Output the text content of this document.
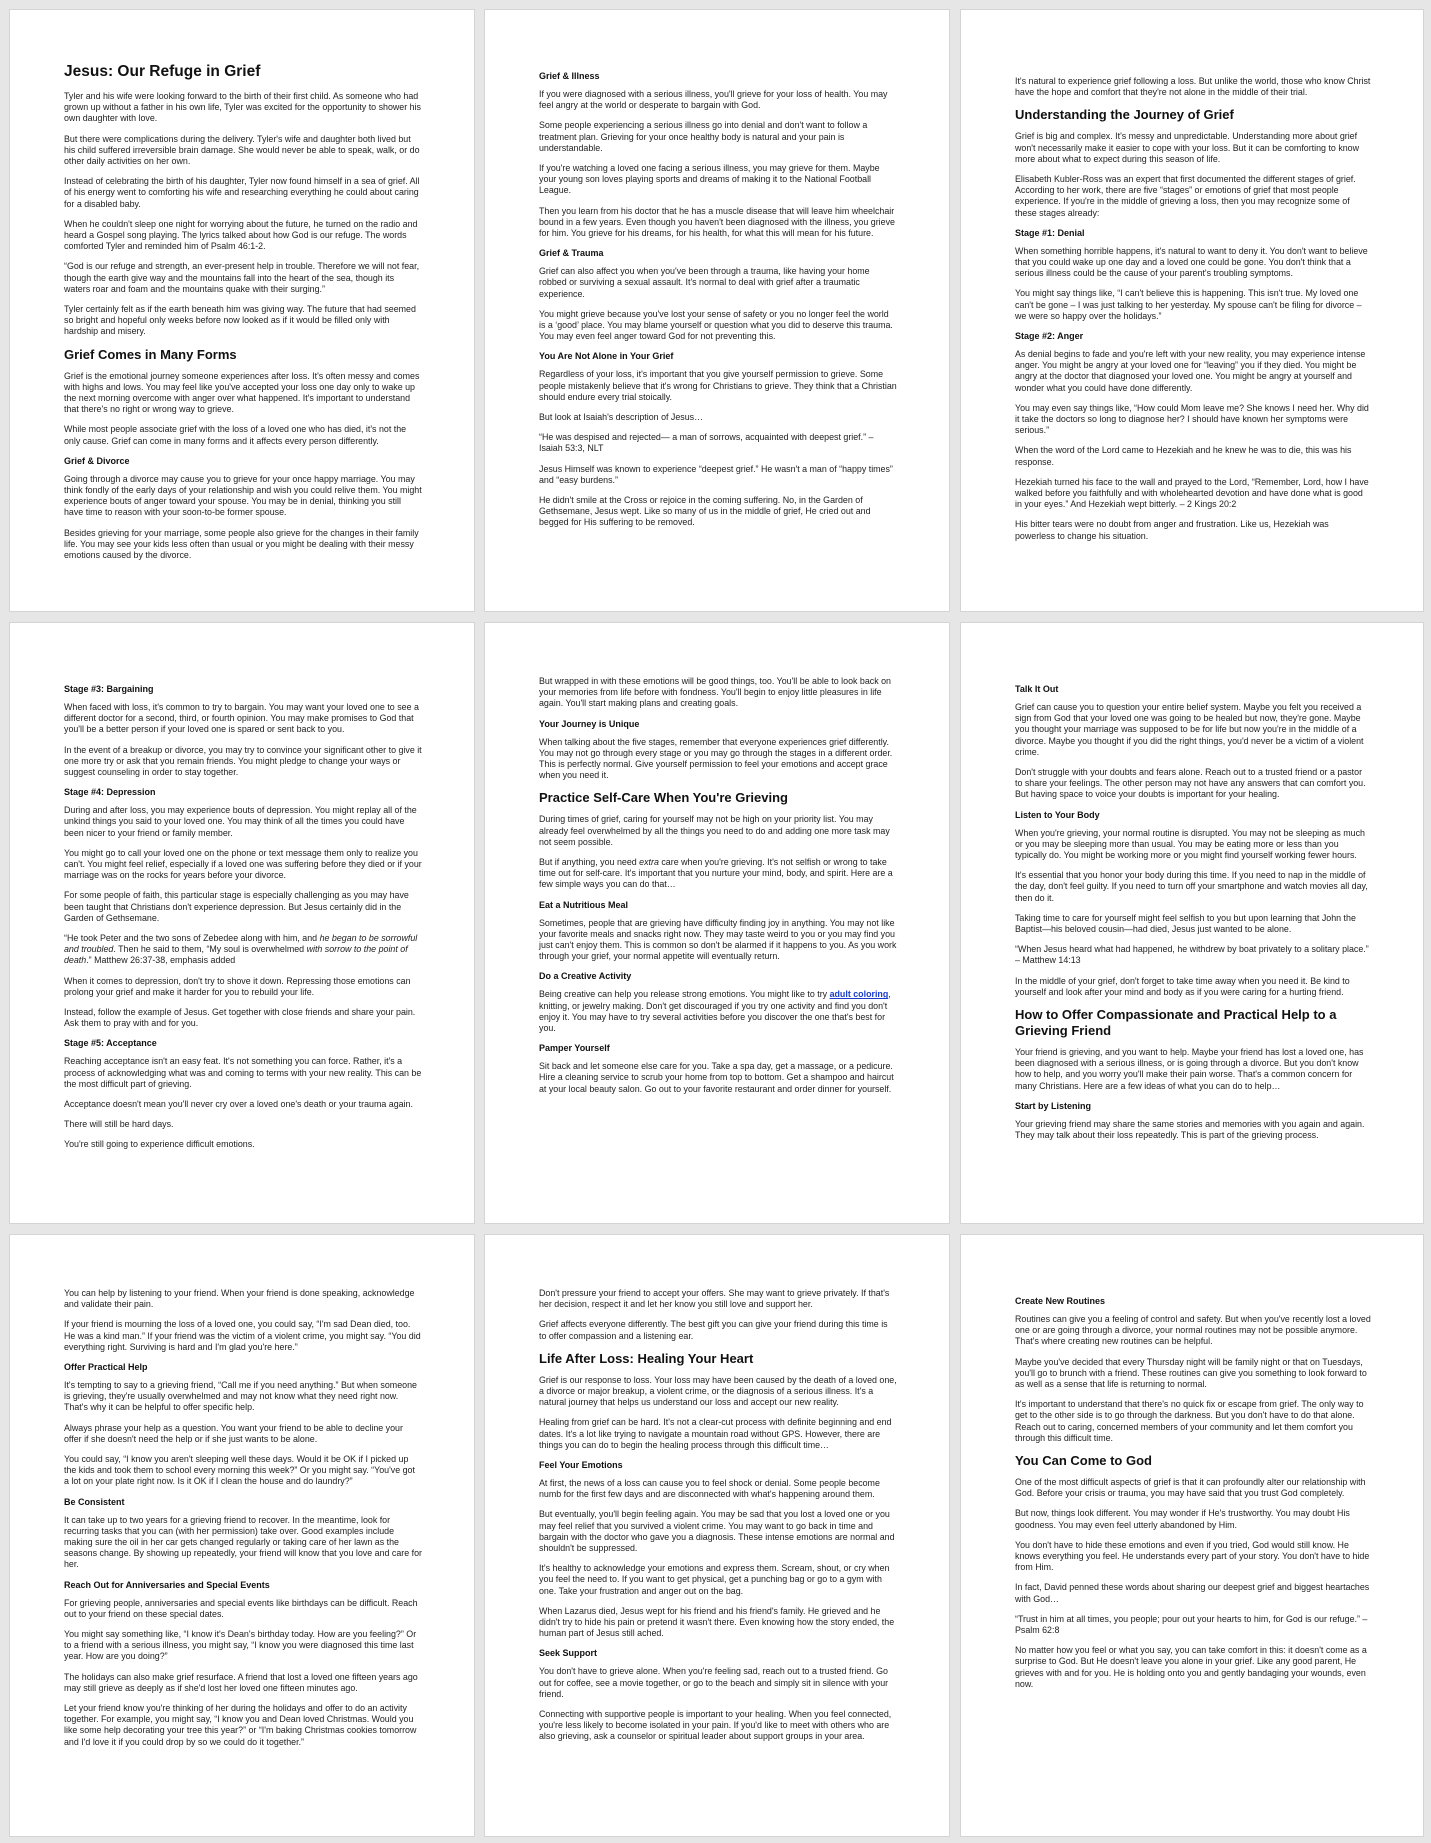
Jesus: Our Refuge in Grief

Tyler and his wife were looking forward to the birth of their first child. As someone who had grown up without a father in his own life, Tyler was excited for the opportunity to shower his own daughter with love.

But there were complications during the delivery. Tyler's wife and daughter both lived but his child suffered irreversible brain damage. She would never be able to speak, walk, or do other daily activities on her own.

Instead of celebrating the birth of his daughter, Tyler now found himself in a sea of grief. All of his energy went to comforting his wife and researching everything he could about caring for a disabled baby.

When he couldn't sleep one night for worrying about the future, he turned on the radio and heard a Gospel song playing. The lyrics talked about how God is our refuge. The words comforted Tyler and reminded him of Psalm 46:1-2.

“God is our refuge and strength, an ever-present help in trouble. Therefore we will not fear, though the earth give way and the mountains fall into the heart of the sea, though its waters roar and foam and the mountains quake with their surging.”

Tyler certainly felt as if the earth beneath him was giving way. The future that had seemed so bright and hopeful only weeks before now looked as if it would be filled only with hardship and misery.

Grief Comes in Many Forms

Grief is the emotional journey someone experiences after loss. It's often messy and comes with highs and lows. You may feel like you've accepted your loss one day only to wake up the next morning overcome with anger over what happened. It's important to understand that there's no right or wrong way to grieve.

While most people associate grief with the loss of a loved one who has died, it's not the only cause. Grief can come in many forms and it affects every person differently.

Grief & Divorce

Going through a divorce may cause you to grieve for your once happy marriage. You may think fondly of the early days of your relationship and wish you could relive them. You might experience bouts of anger toward your spouse. You may be in denial, thinking you still have time to reason with your soon-to-be former spouse.

Besides grieving for your marriage, some people also grieve for the changes in their family life. You may see your kids less often than usual or you might be dealing with their messy emotions caused by the divorce.

Grief & Illness

If you were diagnosed with a serious illness, you'll grieve for your loss of health. You may feel angry at the world or desperate to bargain with God.

Some people experiencing a serious illness go into denial and don't want to follow a treatment plan. Grieving for your once healthy body is natural and your pain is understandable.

If you're watching a loved one facing a serious illness, you may grieve for them. Maybe your young son loves playing sports and dreams of making it to the National Football League.

Then you learn from his doctor that he has a muscle disease that will leave him wheelchair bound in a few years. Even though you haven't been diagnosed with the illness, you grieve for him. You grieve for his dreams, for his health, for what this will mean for his future.

Grief & Trauma

Grief can also affect you when you've been through a trauma, like having your home robbed or surviving a sexual assault. It's normal to deal with grief after a traumatic experience.

You might grieve because you've lost your sense of safety or you no longer feel the world is a ‘good’ place. You may blame yourself or question what you did to deserve this trauma. You may even feel anger toward God for not preventing this.

You Are Not Alone in Your Grief

Regardless of your loss, it's important that you give yourself permission to grieve. Some people mistakenly believe that it's wrong for Christians to grieve. They think that a Christian should endure every trial stoically.

But look at Isaiah's description of Jesus…

“He was despised and rejected— a man of sorrows, acquainted with deepest grief.” – Isaiah 53:3, NLT

Jesus Himself was known to experience “deepest grief.” He wasn't a man of “happy times” and “easy burdens.”

He didn't smile at the Cross or rejoice in the coming suffering. No, in the Garden of Gethsemane, Jesus wept. Like so many of us in the middle of grief, He cried out and begged for His suffering to be removed.

It's natural to experience grief following a loss. But unlike the world, those who know Christ have the hope and comfort that they're not alone in the middle of their trial.

Understanding the Journey of Grief

Grief is big and complex. It's messy and unpredictable. Understanding more about grief won't necessarily make it easier to cope with your loss. But it can be comforting to know more about what to expect during this season of life.

Elisabeth Kubler-Ross was an expert that first documented the different stages of grief. According to her work, there are five “stages” or emotions of grief that most people experience. If you're in the middle of grieving a loss, then you may recognize some of these stages already:

Stage #1: Denial

When something horrible happens, it's natural to want to deny it. You don't want to believe that you could wake up one day and a loved one could be gone. You don't think that a serious illness could be the cause of your parent's troubling symptoms.

You might say things like, “I can't believe this is happening. This isn't true. My loved one can't be gone – I was just talking to her yesterday. My spouse can't be filing for divorce – we were so happy over the holidays.”

Stage #2: Anger

As denial begins to fade and you're left with your new reality, you may experience intense anger. You might be angry at your loved one for “leaving” you if they died. You might be angry at the doctor that diagnosed your loved one. You might be angry at yourself and wonder what you could have done differently.

You may even say things like, “How could Mom leave me? She knows I need her. Why did it take the doctors so long to diagnose her? I should have known her symptoms were serious.”

When the word of the Lord came to Hezekiah and he knew he was to die, this was his response.

Hezekiah turned his face to the wall and prayed to the Lord, “Remember, Lord, how I have walked before you faithfully and with wholehearted devotion and have done what is good in your eyes.” And Hezekiah wept bitterly. – 2 Kings 20:2

His bitter tears were no doubt from anger and frustration. Like us, Hezekiah was powerless to change his situation.

Stage #3: Bargaining

When faced with loss, it's common to try to bargain. You may want your loved one to see a different doctor for a second, third, or fourth opinion. You may make promises to God that you'll be a better person if your loved one is spared or sent back to you.

In the event of a breakup or divorce, you may try to convince your significant other to give it one more try or ask that you remain friends. You might pledge to change your ways or suggest counseling in order to stay together.

Stage #4: Depression

During and after loss, you may experience bouts of depression. You might replay all of the unkind things you said to your loved one. You may think of all the times you could have been nicer to your friend or family member.

You might go to call your loved one on the phone or text message them only to realize you can't. You might feel relief, especially if a loved one was suffering before they died or if your marriage was on the rocks for years before your divorce.

For some people of faith, this particular stage is especially challenging as you may have been taught that Christians don't experience depression. But Jesus certainly did in the Garden of Gethsemane.

“He took Peter and the two sons of Zebedee along with him, and he began to be sorrowful and troubled. Then he said to them, “My soul is overwhelmed with sorrow to the point of death.” Matthew 26:37-38, emphasis added

When it comes to depression, don't try to shove it down. Repressing those emotions can prolong your grief and make it harder for you to rebuild your life.

Instead, follow the example of Jesus. Get together with close friends and share your pain. Ask them to pray with and for you.

Stage #5: Acceptance

Reaching acceptance isn't an easy feat. It's not something you can force. Rather, it's a process of acknowledging what was and coming to terms with your new reality. This can be the most difficult part of grieving.

Acceptance doesn't mean you'll never cry over a loved one's death or your trauma again.

There will still be hard days.

You're still going to experience difficult emotions.

But wrapped in with these emotions will be good things, too. You'll be able to look back on your memories from life before with fondness. You'll begin to enjoy little pleasures in life again. You'll start making plans and creating goals.

Your Journey is Unique

When talking about the five stages, remember that everyone experiences grief differently. You may not go through every stage or you may go through the stages in a different order. This is perfectly normal. Give yourself permission to feel your emotions and accept grace when you need it.

Practice Self-Care When You're Grieving

During times of grief, caring for yourself may not be high on your priority list. You may already feel overwhelmed by all the things you need to do and adding one more task may not seem possible.

But if anything, you need extra care when you're grieving. It's not selfish or wrong to take time out for self-care. It's important that you nurture your mind, body, and spirit. Here are a few simple ways you can do that…

Eat a Nutritious Meal

Sometimes, people that are grieving have difficulty finding joy in anything. You may not like your favorite meals and snacks right now. They may taste weird to you or you may find you just can't enjoy them. This is common so don't be alarmed if it happens to you. As you work through your grief, your normal appetite will eventually return.

Do a Creative Activity

Being creative can help you release strong emotions. You might like to try adult coloring, knitting, or jewelry making. Don't get discouraged if you try one activity and find you don't enjoy it. You may have to try several activities before you discover the one that's best for you.

Pamper Yourself

Sit back and let someone else care for you. Take a spa day, get a massage, or a pedicure. Hire a cleaning service to scrub your home from top to bottom. Get a shampoo and haircut at your local beauty salon. Go out to your favorite restaurant and order dinner for yourself.

Talk It Out

Grief can cause you to question your entire belief system. Maybe you felt you received a sign from God that your loved one was going to be healed but now, they're gone. Maybe you thought your marriage was supposed to be for life but now you're in the middle of a divorce. Maybe you thought if you did the right things, you'd never be a victim of a violent crime.

Don't struggle with your doubts and fears alone. Reach out to a trusted friend or a pastor to share your feelings. The other person may not have any answers that can comfort you. But having space to voice your doubts is important for your healing.

Listen to Your Body

When you're grieving, your normal routine is disrupted. You may not be sleeping as much or you may be sleeping more than usual. You may be eating more or less than you typically do. You might be working more or you might find yourself working fewer hours.

It's essential that you honor your body during this time. If you need to nap in the middle of the day, don't feel guilty. If you need to turn off your smartphone and watch movies all day, then do it.

Taking time to care for yourself might feel selfish to you but upon learning that John the Baptist—his beloved cousin—had died, Jesus just wanted to be alone.

“When Jesus heard what had happened, he withdrew by boat privately to a solitary place.” – Matthew 14:13

In the middle of your grief, don't forget to take time away when you need it. Be kind to yourself and look after your mind and body as if you were caring for a hurting friend.

How to Offer Compassionate and Practical Help to a Grieving Friend

Your friend is grieving, and you want to help. Maybe your friend has lost a loved one, has been diagnosed with a serious illness, or is going through a divorce. But you don't know how to help, and you worry you'll make their pain worse. That's a common concern for many Christians. Here are a few ideas of what you can do to help…

Start by Listening

Your grieving friend may share the same stories and memories with you again and again. They may talk about their loss repeatedly. This is part of the grieving process.

You can help by listening to your friend. When your friend is done speaking, acknowledge and validate their pain.

If your friend is mourning the loss of a loved one, you could say, “I'm sad Dean died, too. He was a kind man.” If your friend was the victim of a violent crime, you might say. “You did everything right. Surviving is hard and I'm glad you're here.”

Offer Practical Help

It's tempting to say to a grieving friend, “Call me if you need anything.” But when someone is grieving, they're usually overwhelmed and may not know what they need right now. That's why it can be helpful to offer specific help.

Always phrase your help as a question. You want your friend to be able to decline your offer if she doesn't need the help or if she just wants to be alone.

You could say, “I know you aren't sleeping well these days. Would it be OK if I picked up the kids and took them to school every morning this week?” Or you might say. “You've got a lot on your plate right now. Is it OK if I clean the house and do laundry?”

Be Consistent

It can take up to two years for a grieving friend to recover. In the meantime, look for recurring tasks that you can (with her permission) take over. Good examples include making sure the oil in her car gets changed regularly or taking care of her lawn as the seasons change. By showing up repeatedly, your friend will know that you love and care for her.

Reach Out for Anniversaries and Special Events

For grieving people, anniversaries and special events like birthdays can be difficult. Reach out to your friend on these special dates.

You might say something like, “I know it's Dean's birthday today. How are you feeling?” Or to a friend with a serious illness, you might say, “I know you were diagnosed this time last year. How are you doing?”

The holidays can also make grief resurface. A friend that lost a loved one fifteen years ago may still grieve as deeply as if she'd lost her loved one fifteen minutes ago.

Let your friend know you're thinking of her during the holidays and offer to do an activity together. For example, you might say, “I know you and Dean loved Christmas. Would you like some help decorating your tree this year?” or “I'm baking Christmas cookies tomorrow and I'd love it if you could drop by so we could do it together.”

Don't pressure your friend to accept your offers. She may want to grieve privately. If that's her decision, respect it and let her know you still love and support her.

Grief affects everyone differently. The best gift you can give your friend during this time is to offer compassion and a listening ear.

Life After Loss: Healing Your Heart

Grief is our response to loss. Your loss may have been caused by the death of a loved one, a divorce or major breakup, a violent crime, or the diagnosis of a serious illness. It's a natural journey that helps us understand our loss and accept our new reality.

Healing from grief can be hard. It's not a clear-cut process with definite beginning and end dates. It's a lot like trying to navigate a mountain road without GPS. However, there are things you can do to begin the healing process through this difficult time…

Feel Your Emotions

At first, the news of a loss can cause you to feel shock or denial. Some people become numb for the first few days and are disconnected with what's happening around them.

But eventually, you'll begin feeling again. You may be sad that you lost a loved one or you may feel relief that you survived a violent crime. You may want to go back in time and bargain with the doctor who gave you a diagnosis. These intense emotions are normal and shouldn't be suppressed.

It's healthy to acknowledge your emotions and express them. Scream, shout, or cry when you feel the need to. If you want to get physical, get a punching bag or go to a gym with one. Take your frustration and anger out on the bag.

When Lazarus died, Jesus wept for his friend and his friend's family. He grieved and he didn't try to hide his pain or pretend it wasn't there. Even knowing how the story ended, the human part of Jesus still ached.

Seek Support

You don't have to grieve alone. When you're feeling sad, reach out to a trusted friend. Go out for coffee, see a movie together, or go to the beach and simply sit in silence with your friend.

Connecting with supportive people is important to your healing. When you feel connected, you're less likely to become isolated in your pain. If you'd like to meet with others who are also grieving, ask a counselor or spiritual leader about support groups in your area.

Create New Routines

Routines can give you a feeling of control and safety. But when you've recently lost a loved one or are going through a divorce, your normal routines may not be possible anymore. That's where creating new routines can be helpful.

Maybe you've decided that every Thursday night will be family night or that on Tuesdays, you'll go to brunch with a friend. These routines can give you something to look forward to as well as a sense that life is returning to normal.

It's important to understand that there's no quick fix or escape from grief. The only way to get to the other side is to go through the darkness. But you don't have to do that alone. Reach out to caring, concerned members of your community and let them comfort you through this difficult time.

You Can Come to God

One of the most difficult aspects of grief is that it can profoundly alter our relationship with God. Before your crisis or trauma, you may have said that you trust God completely.

But now, things look different. You may wonder if He's trustworthy. You may doubt His goodness. You may even feel utterly abandoned by Him.

You don't have to hide these emotions and even if you tried, God would still know. He knows everything you feel. He understands every part of your story. You don't have to hide from Him.

In fact, David penned these words about sharing our deepest grief and biggest heartaches with God…

“Trust in him at all times, you people; pour out your hearts to him, for God is our refuge.” – Psalm 62:8

No matter how you feel or what you say, you can take comfort in this: it doesn't come as a surprise to God. But He doesn't leave you alone in your grief. Like any good parent, He grieves with and for you. He is holding onto you and gently bandaging your wounds, even now.
